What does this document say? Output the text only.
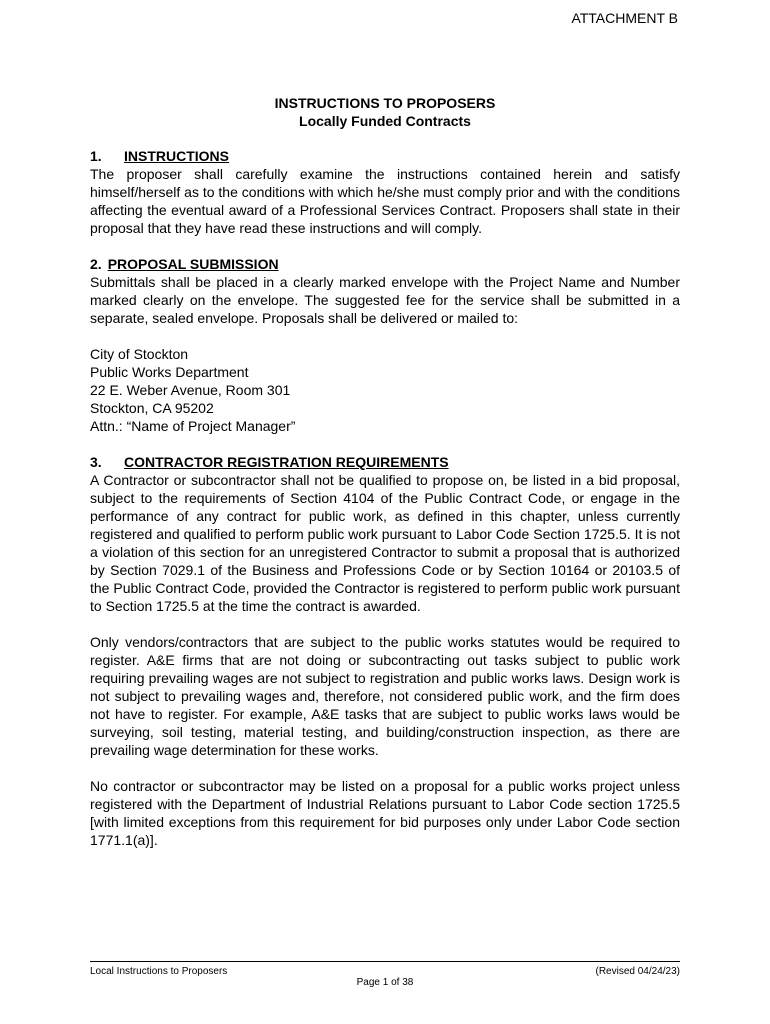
ATTACHMENT B
INSTRUCTIONS TO PROPOSERS
Locally Funded Contracts
1. INSTRUCTIONS

The proposer shall carefully examine the instructions contained herein and satisfy himself/herself as to the conditions with which he/she must comply prior and with the conditions affecting the eventual award of a Professional Services Contract. Proposers shall state in their proposal that they have read these instructions and will comply.

2. PROPOSAL SUBMISSION

Submittals shall be placed in a clearly marked envelope with the Project Name and Number marked clearly on the envelope. The suggested fee for the service shall be submitted in a separate, sealed envelope. Proposals shall be delivered or mailed to:

City of Stockton
Public Works Department
22 E. Weber Avenue, Room 301
Stockton, CA 95202
Attn.: “Name of Project Manager”
3. CONTRACTOR REGISTRATION REQUIREMENTS

A Contractor or subcontractor shall not be qualified to propose on, be listed in a bid proposal, subject to the requirements of Section 4104 of the Public Contract Code, or engage in the performance of any contract for public work, as defined in this chapter, unless currently registered and qualified to perform public work pursuant to Labor Code Section 1725.5. It is not a violation of this section for an unregistered Contractor to submit a proposal that is authorized by Section 7029.1 of the Business and Professions Code or by Section 10164 or 20103.5 of the Public Contract Code, provided the Contractor is registered to perform public work pursuant to Section 1725.5 at the time the contract is awarded.

Only vendors/contractors that are subject to the public works statutes would be required to register. A&E firms that are not doing or subcontracting out tasks subject to public work requiring prevailing wages are not subject to registration and public works laws. Design work is not subject to prevailing wages and, therefore, not considered public work, and the firm does not have to register. For example, A&E tasks that are subject to public works laws would be surveying, soil testing, material testing, and building/construction inspection, as there are prevailing wage determination for these works.

No contractor or subcontractor may be listed on a proposal for a public works project unless registered with the Department of Industrial Relations pursuant to Labor Code section 1725.5 [with limited exceptions from this requirement for bid purposes only under Labor Code section 1771.1(a)].

Local Instructions to Proposers	(Revised 04/24/23)
Page 1 of 38
